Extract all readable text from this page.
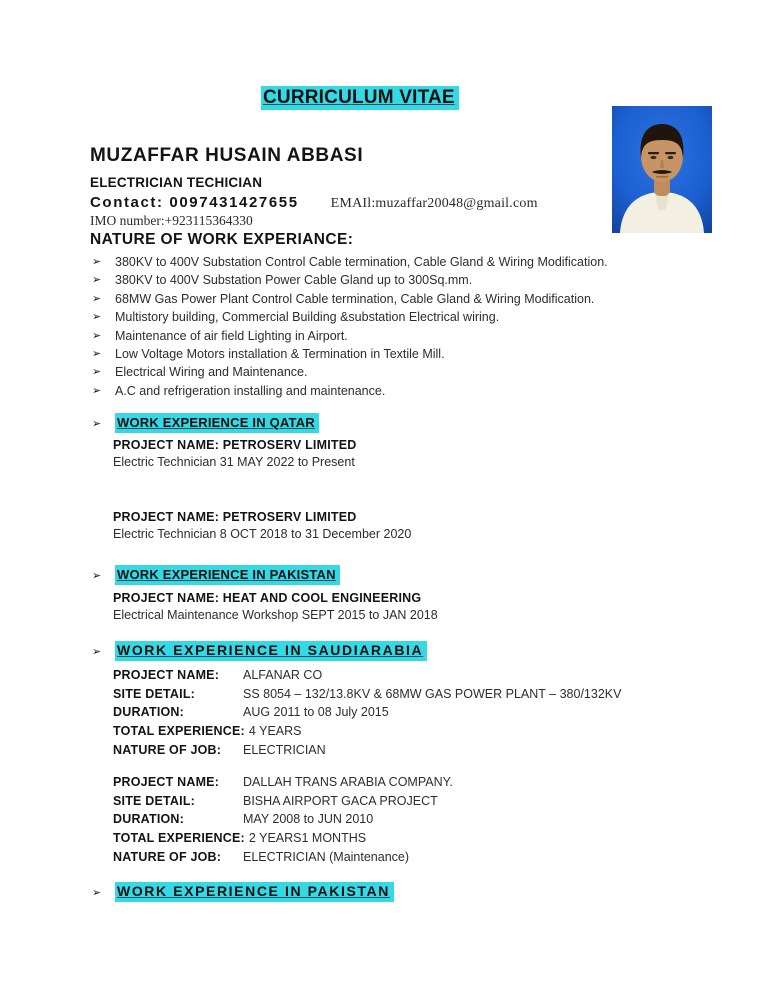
CURRICULUM VITAE
MUZAFFAR HUSAIN ABBASI
ELECTRICIAN TECHICIAN
Contact: 0097431427655 EMAIl:muzaffar20048@gmail.com
IMO number:+923115364330
NATURE OF WORK EXPERIANCE:
➢	380KV to 400V Substation Control Cable termination, Cable Gland & Wiring Modification.
➢	380KV to 400V Substation Power Cable Gland up to 300Sq.mm.
➢	68MW Gas Power Plant Control Cable termination, Cable Gland & Wiring Modification.
➢	Multistory building, Commercial Building &substation Electrical wiring.
➢	Maintenance of air field Lighting in Airport.
➢	Low Voltage Motors installation & Termination in Textile Mill.
➢	Electrical Wiring and Maintenance.
➢	A.C and refrigeration installing and maintenance.
➢	WORK EXPERIENCE IN QATAR
PROJECT NAME: PETROSERV LIMITED
Electric Technician 31 MAY 2022 to Present
PROJECT NAME: PETROSERV LIMITED
Electric Technician 8 OCT 2018 to 31 December 2020
➢	WORK EXPERIENCE IN PAKISTAN
PROJECT NAME: HEAT AND COOL ENGINEERING
Electrical Maintenance Workshop SEPT 2015 to JAN 2018
➢	WORK EXPERIENCE IN SAUDIARABIA
PROJECT NAME:	ALFANAR CO
SITE DETAIL:	SS 8054 – 132/13.8KV & 68MW GAS POWER PLANT – 380/132KV
DURATION:	AUG 2011 to 08 July 2015
TOTAL EXPERIENCE: 4 YEARS
NATURE OF JOB:	ELECTRICIAN
PROJECT NAME:	DALLAH TRANS ARABIA COMPANY.
SITE DETAIL:	BISHA AIRPORT GACA PROJECT
DURATION:	MAY 2008 to JUN 2010
TOTAL EXPERIENCE: 2 YEARS1 MONTHS
NATURE OF JOB:	ELECTRICIAN (Maintenance)
➢	WORK EXPERIENCE IN PAKISTAN
